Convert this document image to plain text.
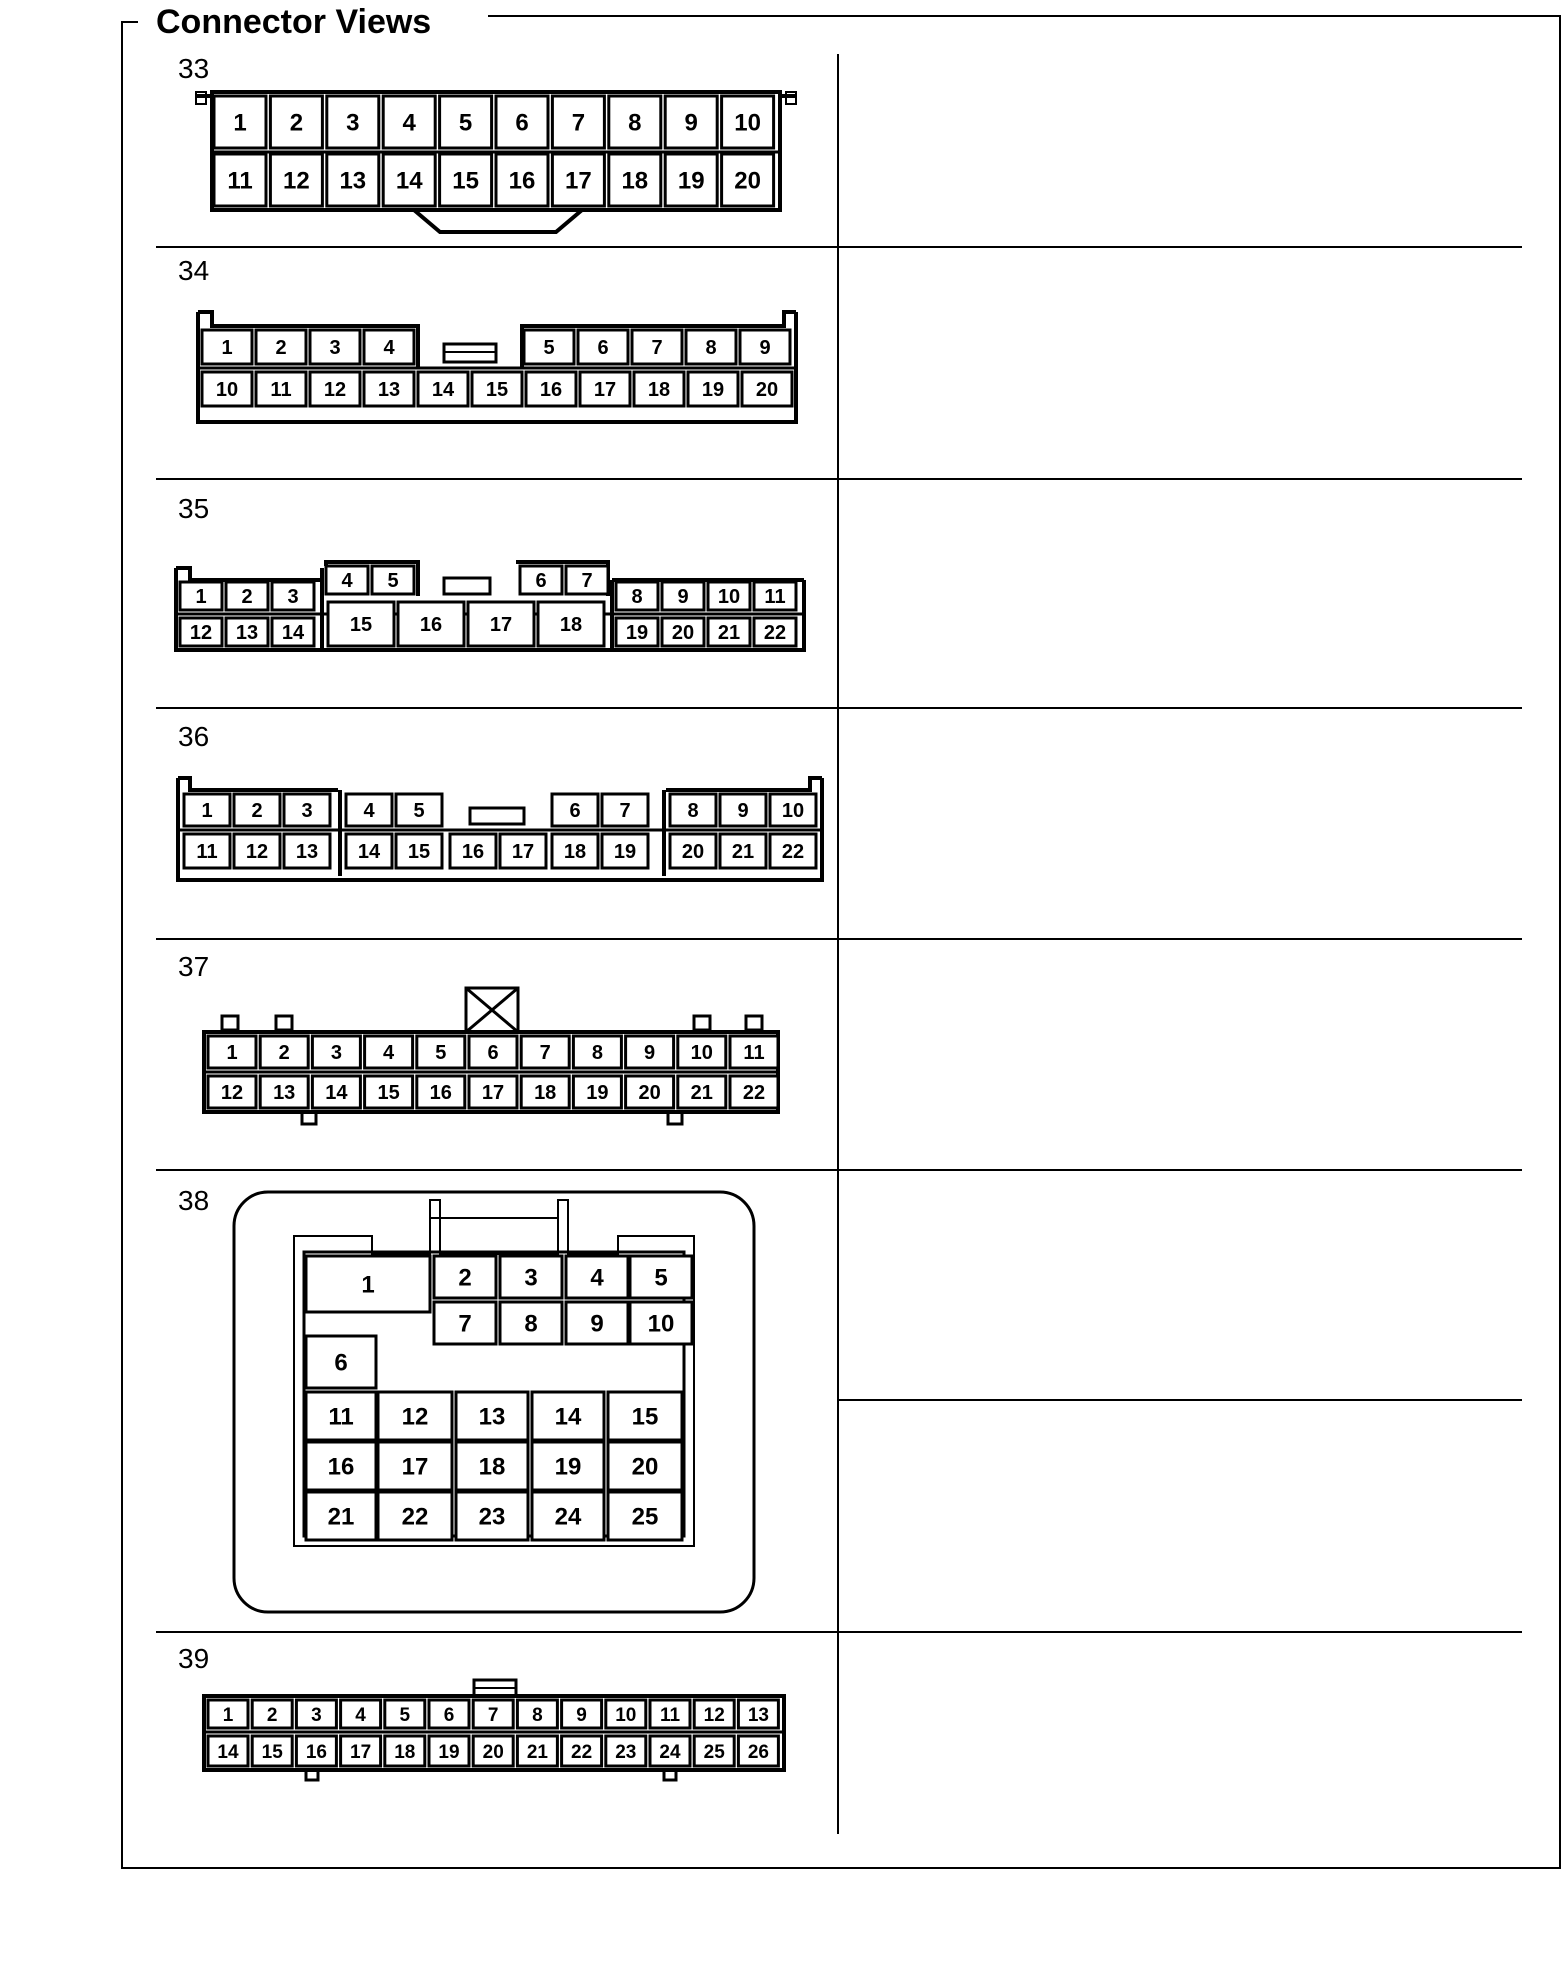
33
34
35
36
37
38
39
1 2 3 4 5 6 7 8 9 10
11 12 13 14 15 16 17 18 19 20
1 2 3 4	5 6 7 8 9
10 11 12 13 14 15 16 17 18 19 20
1 2 3
4 5	6 7
8 9 10 11
12 13 14 15 16 17 18 19 20 21 22
1 2 3	4 5	6 7	8 9 10
11 12 13 14 15 16 17 18 19 20 21 22
1 2 3 4 5 6 7 8 9 10 11
12 13 14 15 16 17 18 19 20 21 22
1	2 3 4 5
6
7 8 9 10
11 12 13 14 15
16 17 18 19 20
21 22 23 24 25
1 2 3 4 5 6 7 8 9 10 11 12 13
14 15 16 17 18 19 20 21 22 23 24 25 26
Connector Views
